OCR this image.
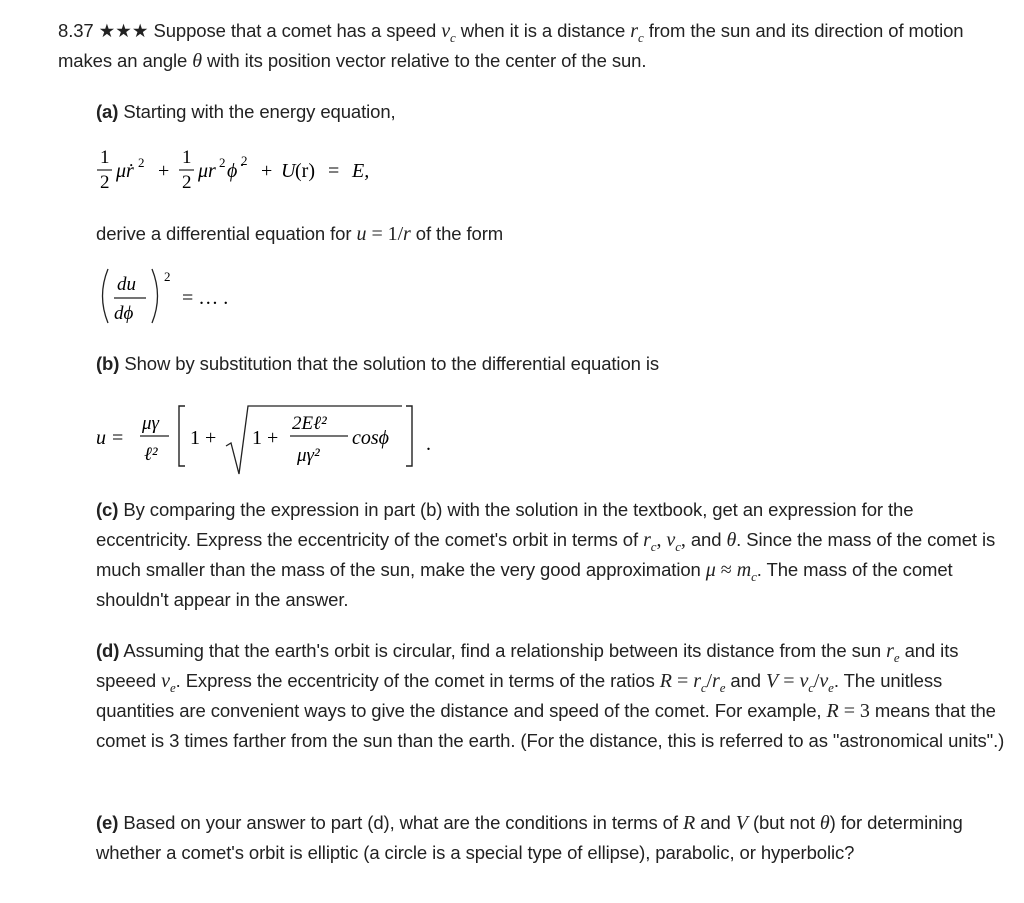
8.37 ★★★ Suppose that a comet has a speed $v_c$ when it is a distance $r_c$ from the sun and its direction of motion makes an angle θ with its position vector relative to the center of the sun.
(a) Starting with the energy equation,
1
2
μṙ 2 +
1
2
μr 2 ϕ̇ 2 + U (r) = E,
derive a differential equation for u = 1/r of the form
du
dϕ
2
= … .
(b) Show by substitution that the solution to the differential equation is
u =
μγ
ℓ²
1 + 1 +
2Eℓ²
μγ²
cosϕ .
(c) By comparing the expression in part (b) with the solution in the textbook, get an expression for the eccentricity. Express the eccentricity of the comet's orbit in terms of $r_c$, $v_c$, and θ. Since the mass of the comet is much smaller than the mass of the sun, make the very good approximation $\mu \approx m_c$. The mass of the comet shouldn't appear in the answer.
(d) Assuming that the earth's orbit is circular, find a relationship between its distance from the sun $r_e$ and its speeed $v_e$. Express the eccentricity of the comet in terms of the ratios $R = r_c/r_e$ and $V = v_c/v_e$. The unitless quantities are convenient ways to give the distance and speed of the comet. For example, R = 3 means that the comet is 3 times farther from the sun than the earth. (For the distance, this is referred to as "astronomical units".)
(e) Based on your answer to part (d), what are the conditions in terms of R and V (but not θ) for determining whether a comet's orbit is elliptic (a circle is a special type of ellipse), parabolic, or hyperbolic?
